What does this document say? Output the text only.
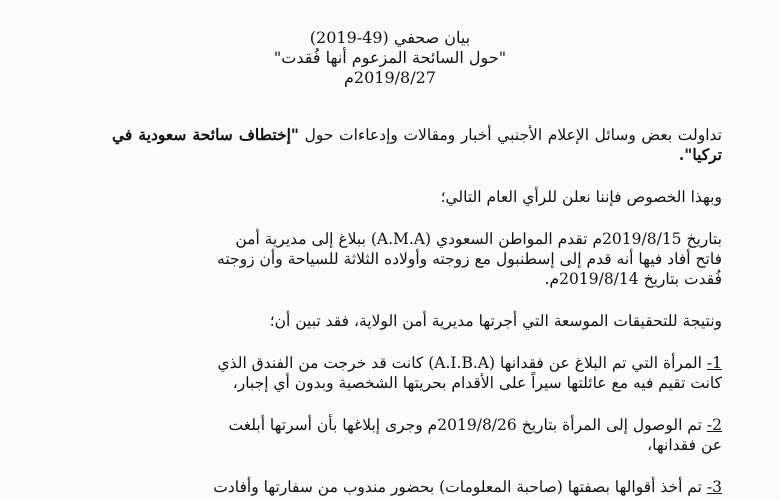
بيان صحفي (49-2019)
"حول السائحة المزعوم أنها فُقدت"
2019/8/27م

تداولت بعض وسائل الإعلام الأجنبي أخبار ومقالات وإدعاءات حول "إختطاف سائحة سعودية في تركيا".

وبهذا الخصوص فإننا نعلن للرأي العام التالي؛

بتاريخ 2019/8/15م تقدم المواطن السعودي (A.M.A) ببلاغ إلى مديرية أمن
فاتح أفاد فيها أنه قدم إلى إسطنبول مع زوجته وأولاده الثلاثة للسياحة وأن زوجته
فُقدت بتاريخ 2019/8/14م.

ونتيجة للتحقيقات الموسعة التي أجرتها مديرية أمن الولاية، فقد تبين أن؛

1- المرأة التي تم البلاغ عن فقدانها (A.I.B.A) كانت قد خرجت من الفندق الذي
كانت تقيم فيه مع عائلتها سيراً على الأقدام بحريتها الشخصية وبدون أي إجبار،

2- تم الوصول إلى المرأة بتاريخ 2019/8/26م وجرى إبلاغها بأن أسرتها أبلغت
عن فقدانها،

3- تم أخذ أقوالها بصفتها (صاحبة المعلومات) بحضور مندوب من سفارتها وأفادت
